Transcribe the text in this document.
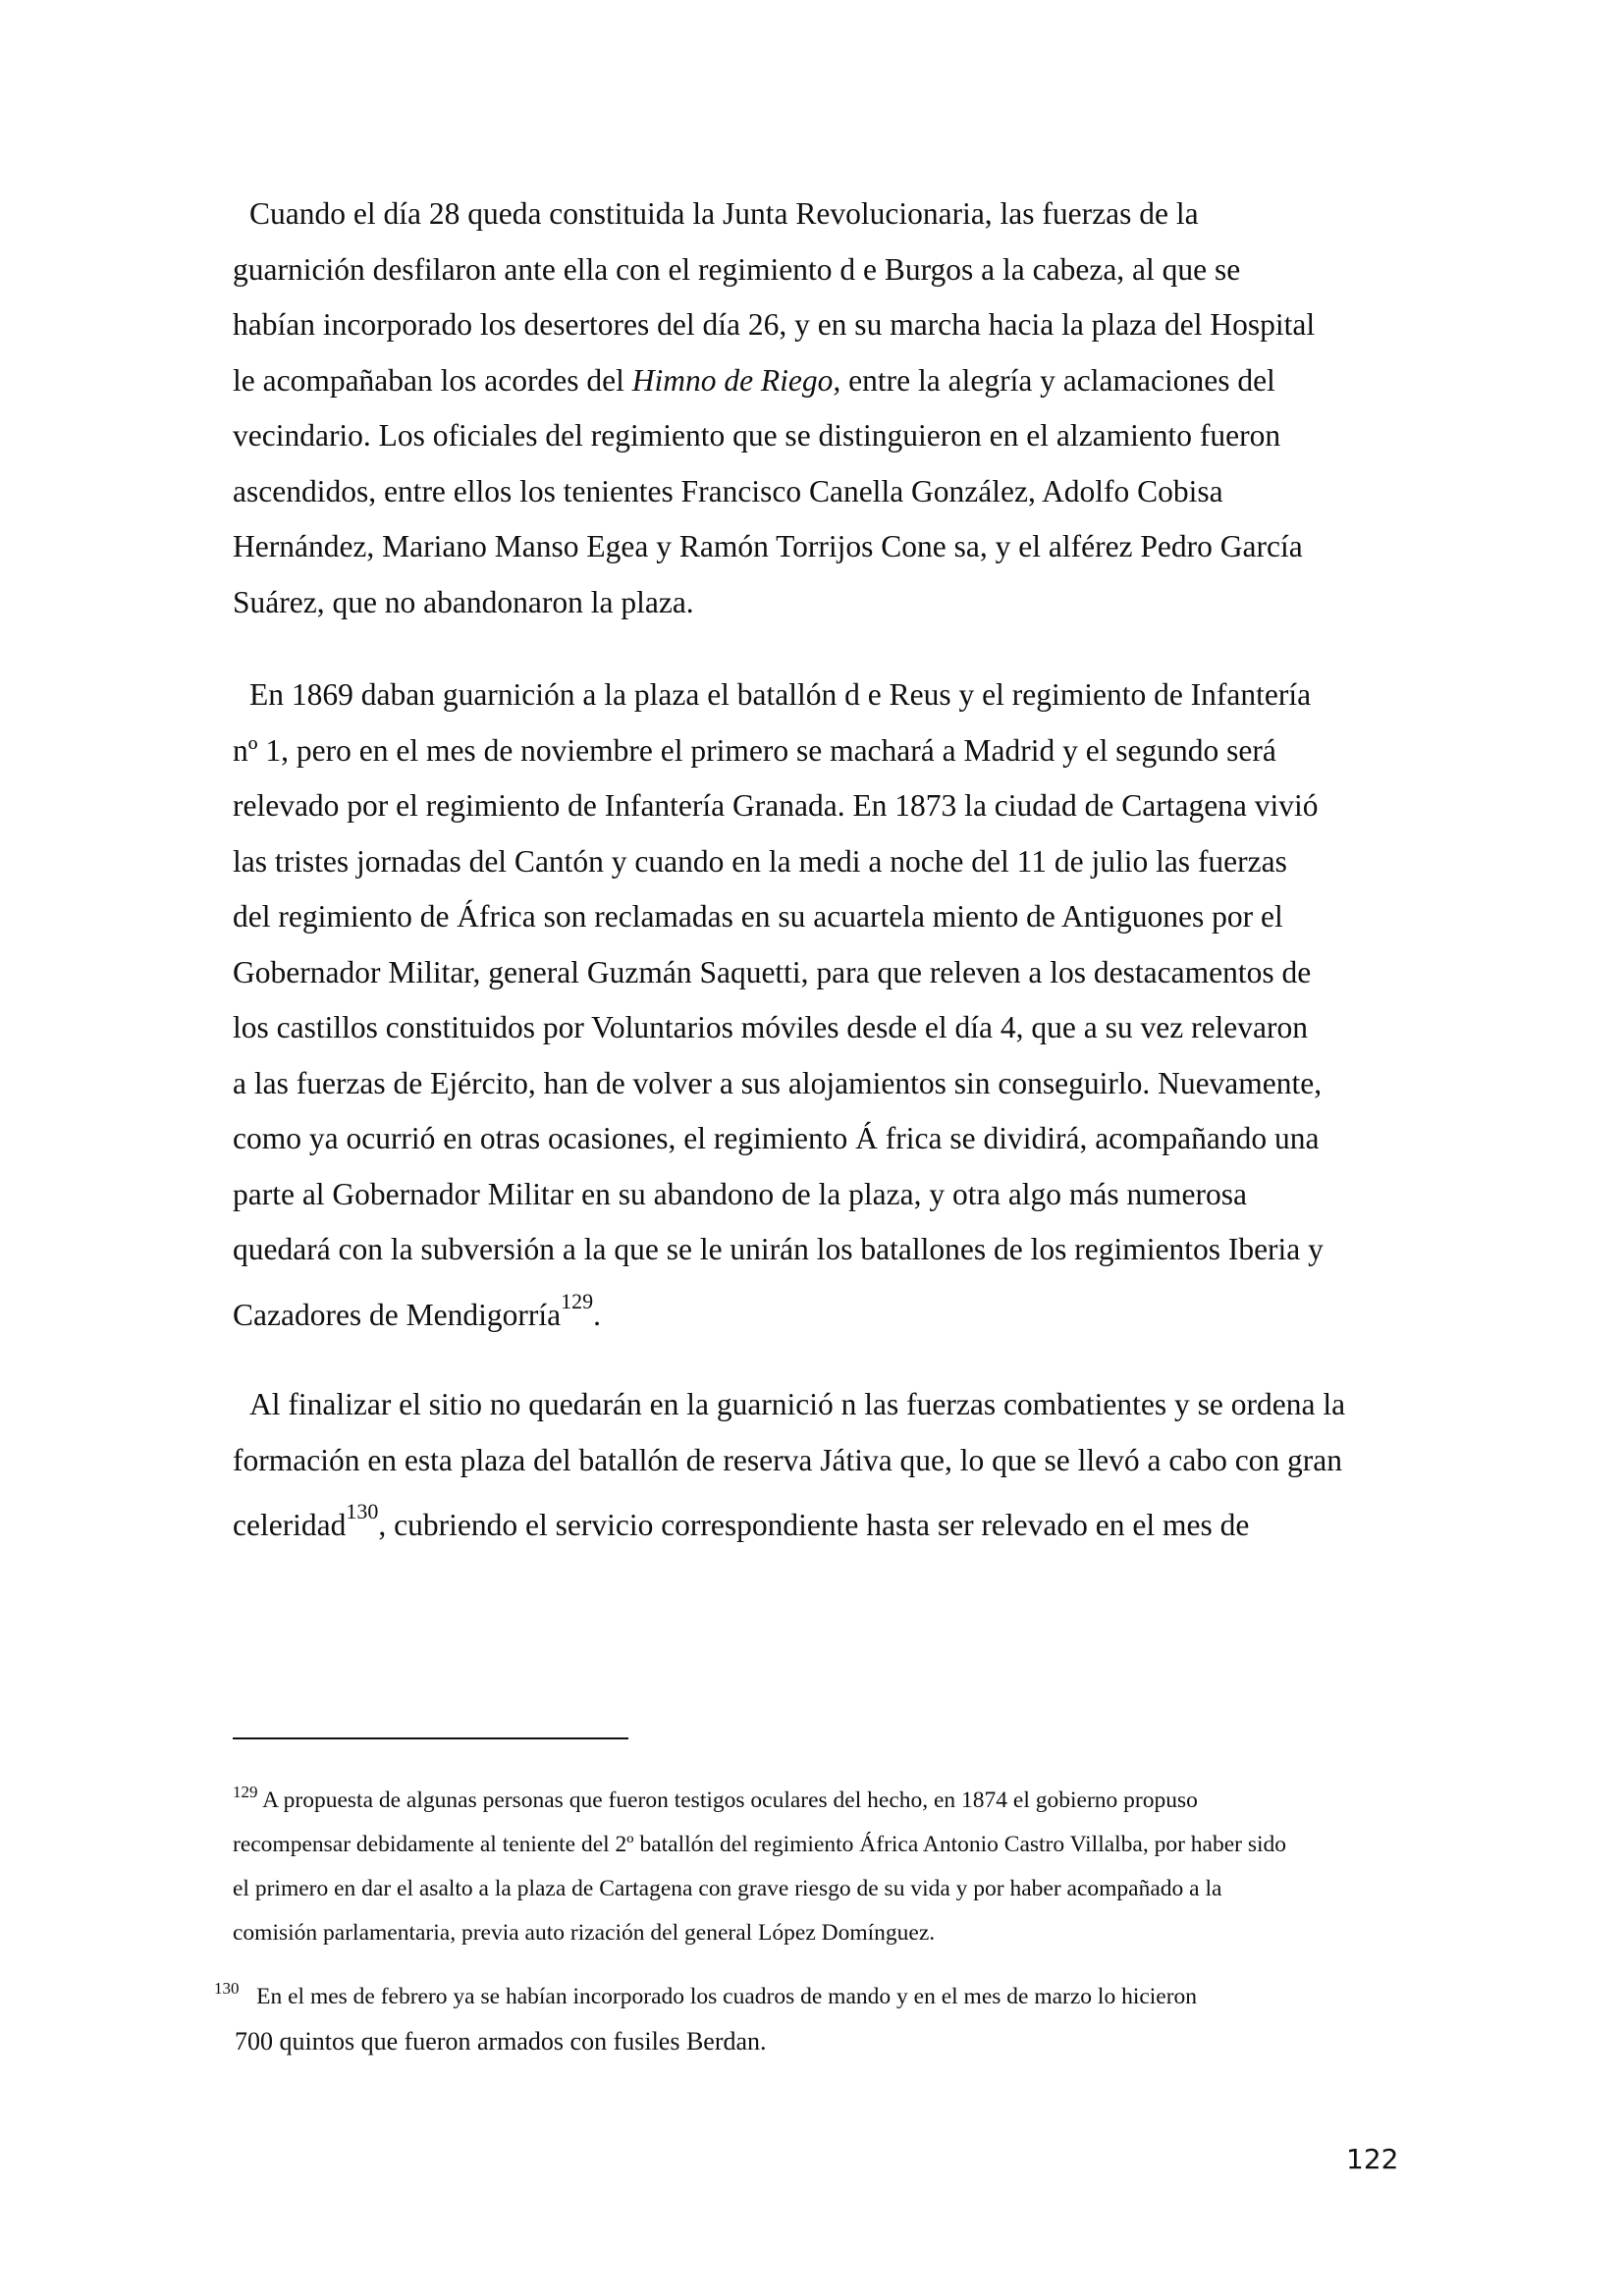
Cuando el día 28 queda constituida la Junta Revolucionaria, las fuerzas de la
guarnición desfilaron ante ella con el regimiento d e Burgos a la cabeza, al que se
habían incorporado los desertores del día 26, y en su marcha hacia la plaza del Hospital
le acompañaban los acordes del Himno de Riego, entre la alegría y aclamaciones del
vecindario. Los oficiales del regimiento que se distinguieron en el alzamiento fueron
ascendidos, entre ellos los tenientes Francisco Canella González, Adolfo Cobisa
Hernández, Mariano Manso Egea y Ramón Torrijos Cone sa, y el alférez Pedro García
Suárez, que no abandonaron la plaza.
En 1869 daban guarnición a la plaza el batallón d e Reus y el regimiento de Infantería
nº 1, pero en el mes de noviembre el primero se machará a Madrid y el segundo será
relevado por el regimiento de Infantería Granada. En 1873 la ciudad de Cartagena vivió
las tristes jornadas del Cantón y cuando en la medi a noche del 11 de julio las fuerzas
del regimiento de África son reclamadas en su acuartela miento de Antiguones por el
Gobernador Militar, general Guzmán Saquetti, para que releven a los destacamentos de
los castillos constituidos por Voluntarios móviles desde el día 4, que a su vez relevaron
a las fuerzas de Ejército, han de volver a sus alojamientos sin conseguirlo. Nuevamente,
como ya ocurrió en otras ocasiones, el regimiento Á frica se dividirá, acompañando una
parte al Gobernador Militar en su abandono de la plaza, y otra algo más numerosa
quedará con la subversión a la que se le unirán los batallones de los regimientos Iberia y
Cazadores de Mendigorría$^{129}$.
Al finalizar el sitio no quedarán en la guarnició n las fuerzas combatientes y se ordena la
formación en esta plaza del batallón de reserva Játiva que, lo que se llevó a cabo con gran
celeridad$^{130}$, cubriendo el servicio correspondiente hasta ser relevado en el mes de
$^{129}$ A propuesta de algunas personas que fueron testigos oculares del hecho, en 1874 el gobierno propuso
recompensar debidamente al teniente del 2º batallón del regimiento África Antonio Castro Villalba, por haber sido
el primero en dar el asalto a la plaza de Cartagena con grave riesgo de su vida y por haber acompañado a la
comisión parlamentaria, previa auto rización del general López Domínguez.
$^{130}$ En el mes de febrero ya se habían incorporado los cuadros de mando y en el mes de marzo lo hicieron
700 quintos que fueron armados con fusiles Berdan.
122
